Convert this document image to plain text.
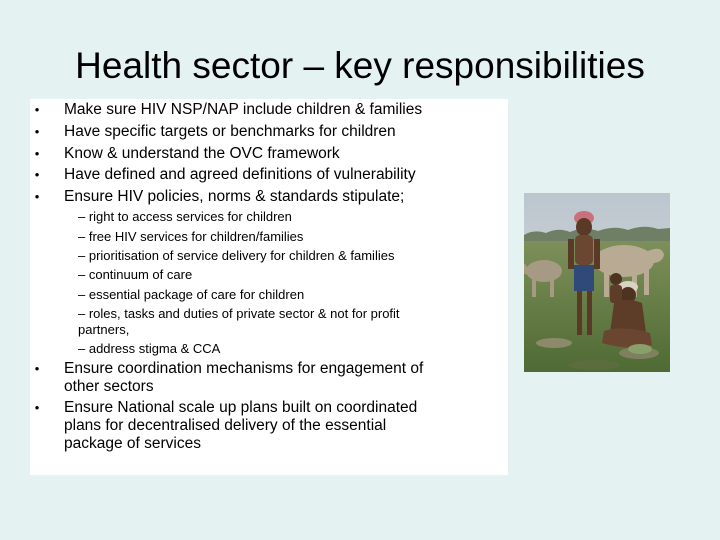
Health sector – key responsibilities
•	Make sure HIV NSP/NAP include children & families
•	Have specific targets or benchmarks for children
•	Know & understand the OVC framework
•	Have defined and agreed definitions of vulnerability
•	Ensure HIV policies, norms & standards stipulate;
– right to access services for children
– free HIV services for children/families
– prioritisation of service delivery for children & families
– continuum of care
– essential package of care for children
– roles, tasks and duties of private sector & not for profit
partners,
– address stigma & CCA
•	Ensure coordination mechanisms for engagement of
other sectors
•	Ensure National scale up plans built on coordinated
plans for decentralised delivery of the essential
package of services
